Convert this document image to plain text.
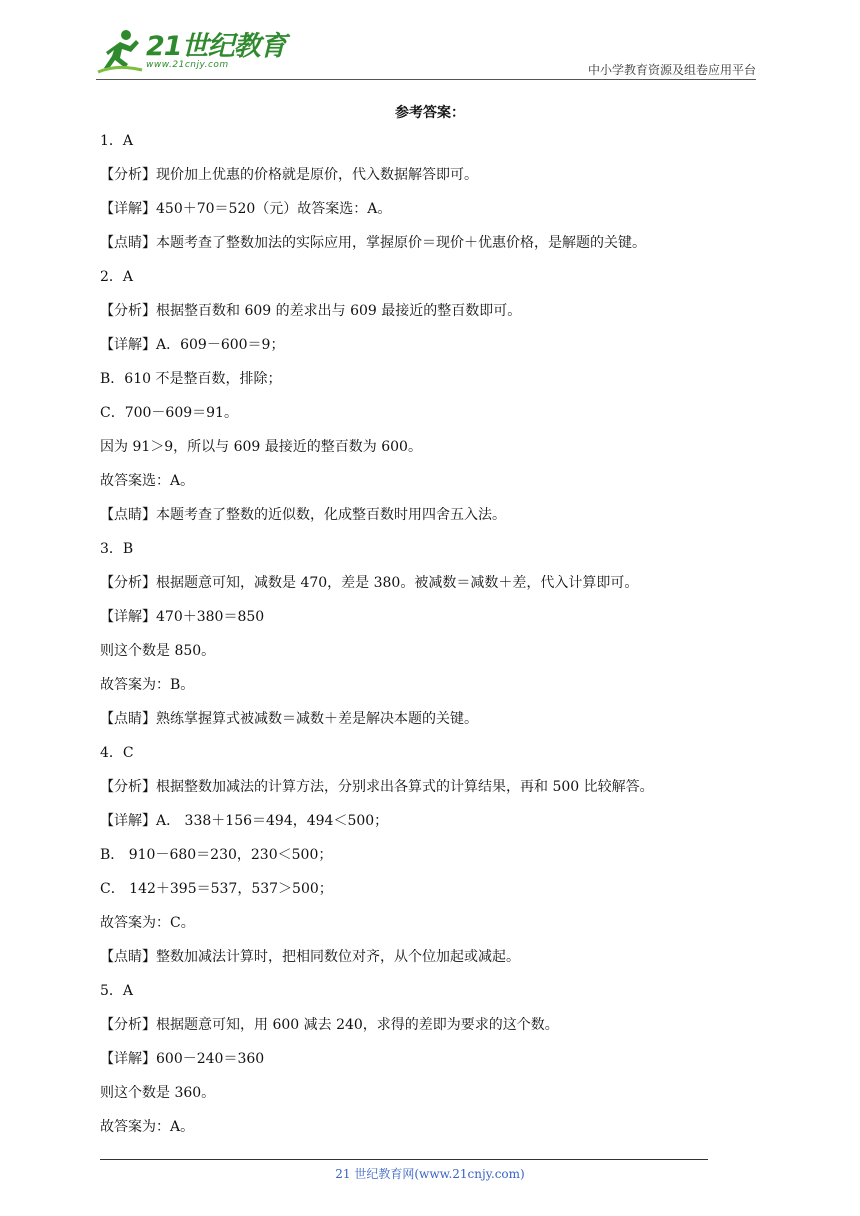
21世纪教育
www.21cnjy.com	中小学教育资源及组卷应用平台
参考答案：
1．A
【分析】现价加上优惠的价格就是原价，代入数据解答即可。
【详解】450＋70＝520（元）故答案选：A。
【点睛】本题考查了整数加法的实际应用，掌握原价＝现价＋优惠价格，是解题的关键。
2．A
【分析】根据整百数和 609 的差求出与 609 最接近的整百数即可。
【详解】A．609－600＝9；
B．610 不是整百数，排除；
C．700－609＝91。
因为 91＞9，所以与 609 最接近的整百数为 600。
故答案选：A。
【点睛】本题考查了整数的近似数，化成整百数时用四舍五入法。
3．B
【分析】根据题意可知，减数是 470，差是 380。被减数＝减数＋差，代入计算即可。
【详解】470＋380＝850
则这个数是 850。
故答案为：B。
【点睛】熟练掌握算式被减数＝减数＋差是解决本题的关键。
4．C
【分析】根据整数加减法的计算方法，分别求出各算式的计算结果，再和 500 比较解答。
【详解】A． 338＋156＝494，494＜500；
B． 910－680＝230，230＜500；
C． 142＋395＝537，537＞500；
故答案为：C。
【点睛】整数加减法计算时，把相同数位对齐，从个位加起或减起。
5．A
【分析】根据题意可知，用 600 减去 240，求得的差即为要求的这个数。
【详解】600－240＝360
则这个数是 360。
故答案为：A。
21 世纪教育网(www.21cnjy.com)
